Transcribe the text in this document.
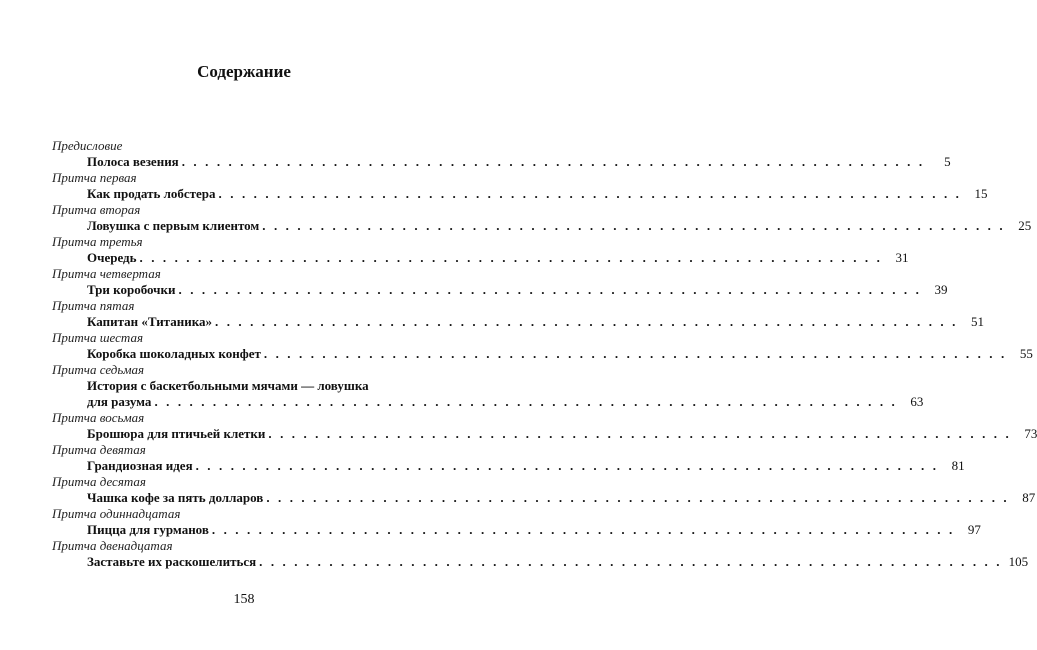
Содержание
Предисловие
Полоса везения . . . . . . . . . . . . . . . . . . . . . . . . . . . . . . . . . . . . . . . . . . . . . . . . . . . . . . . . . . . . . . . .	5
Притча первая
Как продать лобстера . . . . . . . . . . . . . . . . . . . . . . . . . . . . . . . . . . . . . . . . . . . . . . . . . . . . . . . . . . . . . . . .	15
Притча вторая
Ловушка с первым клиентом . . . . . . . . . . . . . . . . . . . . . . . . . . . . . . . . . . . . . . . . . . . . . . . . . . . . . . . . . . . . . . . .	25
Притча третья
Очередь . . . . . . . . . . . . . . . . . . . . . . . . . . . . . . . . . . . . . . . . . . . . . . . . . . . . . . . . . . . . . . . .	31
Притча четвертая
Три коробочки . . . . . . . . . . . . . . . . . . . . . . . . . . . . . . . . . . . . . . . . . . . . . . . . . . . . . . . . . . . . . . . .	39
Притча пятая
Капитан «Титаника» . . . . . . . . . . . . . . . . . . . . . . . . . . . . . . . . . . . . . . . . . . . . . . . . . . . . . . . . . . . . . . . .	51
Притча шестая
Коробка шоколадных конфет . . . . . . . . . . . . . . . . . . . . . . . . . . . . . . . . . . . . . . . . . . . . . . . . . . . . . . . . . . . . . . . .	55
Притча седьмая
История с баскетбольными мячами — ловушка
для разума . . . . . . . . . . . . . . . . . . . . . . . . . . . . . . . . . . . . . . . . . . . . . . . . . . . . . . . . . . . . . . . .	63
Притча восьмая
Брошюра для птичьей клетки . . . . . . . . . . . . . . . . . . . . . . . . . . . . . . . . . . . . . . . . . . . . . . . . . . . . . . . . . . . . . . . .	73
Притча девятая
Грандиозная идея . . . . . . . . . . . . . . . . . . . . . . . . . . . . . . . . . . . . . . . . . . . . . . . . . . . . . . . . . . . . . . . .	81
Притча десятая
Чашка кофе за пять долларов . . . . . . . . . . . . . . . . . . . . . . . . . . . . . . . . . . . . . . . . . . . . . . . . . . . . . . . . . . . . . . . .	87
Притча одиннадцатая
Пицца для гурманов . . . . . . . . . . . . . . . . . . . . . . . . . . . . . . . . . . . . . . . . . . . . . . . . . . . . . . . . . . . . . . . .	97
Притча двенадцатая
Заставьте их раскошелиться . . . . . . . . . . . . . . . . . . . . . . . . . . . . . . . . . . . . . . . . . . . . . . . . . . . . . . . . . . . . . . . . 105
158
